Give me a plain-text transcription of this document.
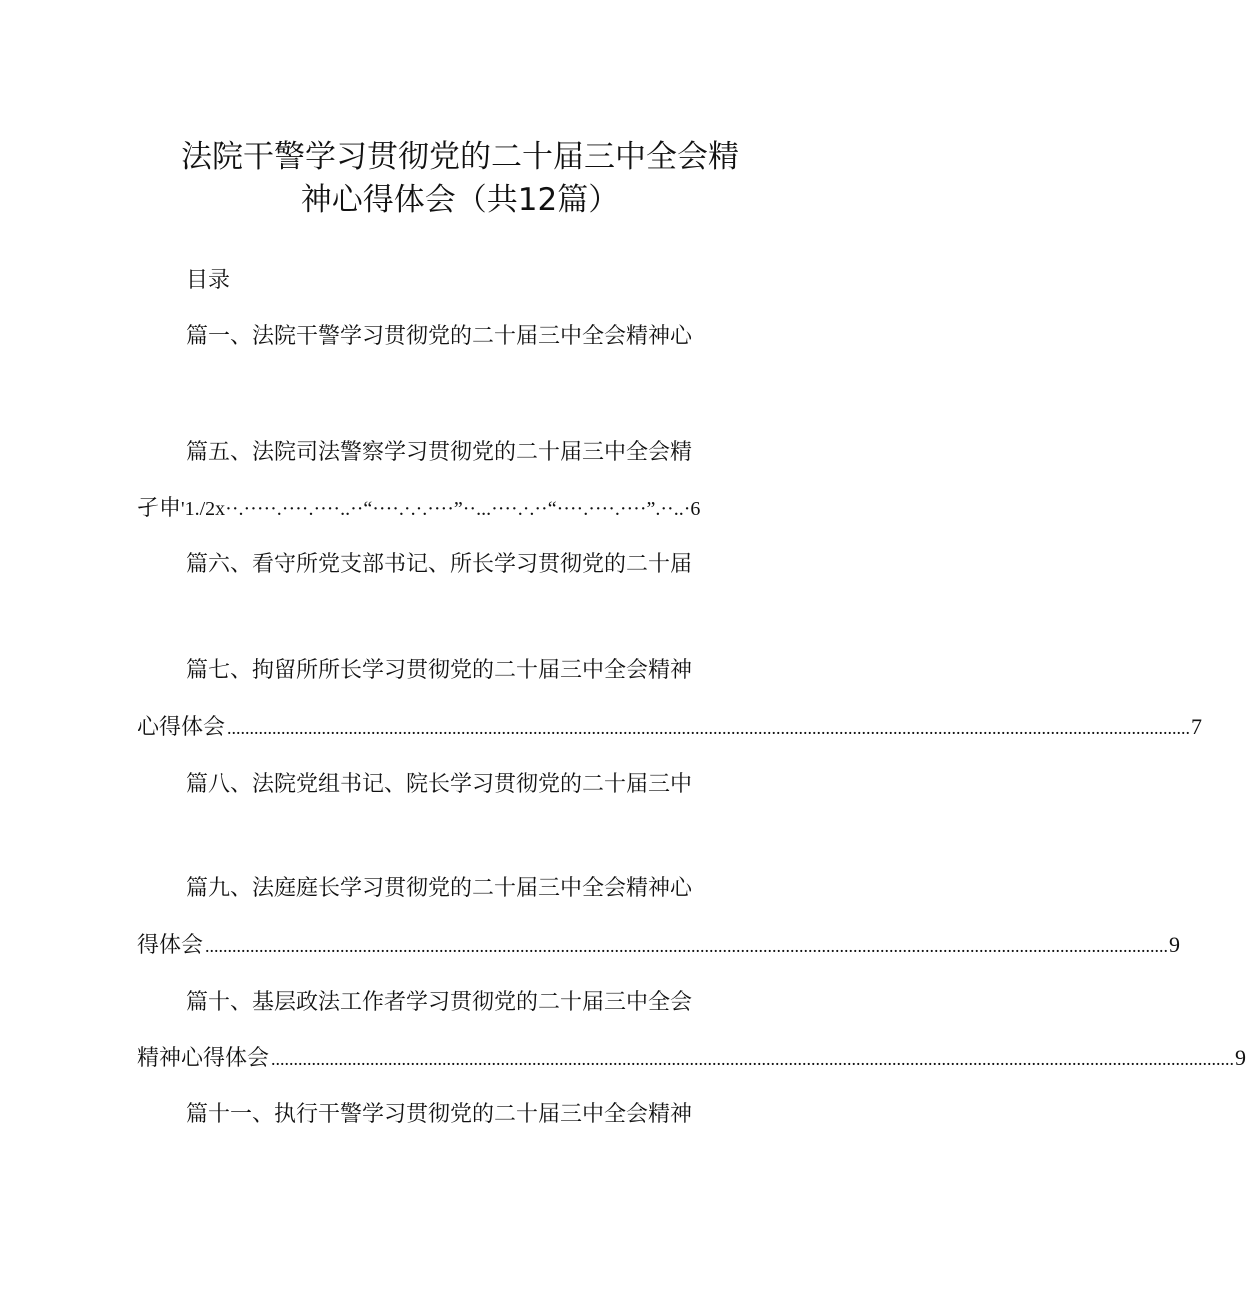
法院干警学习贯彻党的二十届三中全会精
神心得体会（共12篇）
目录
篇一、法院干警学习贯彻党的二十届三中全会精神心
篇五、法院司法警察学习贯彻党的二十届三中全会精
孑申'1./2x··.·····.····.····..··“····.·.·.····”··...····.·.··“····.····.····”.··..·6
篇六、看守所党支部书记、所长学习贯彻党的二十届
篇七、拘留所所长学习贯彻党的二十届三中全会精神
心得体会 ...................................................................................................................................................................................................................... 7
篇八、法院党组书记、院长学习贯彻党的二十届三中
篇九、法庭庭长学习贯彻党的二十届三中全会精神心
得体会 ...................................................................................................................................................................................................................... 9
篇十、基层政法工作者学习贯彻党的二十届三中全会
精神心得体会 ...................................................................................................................................................................................................................... 9
篇十一、执行干警学习贯彻党的二十届三中全会精神
